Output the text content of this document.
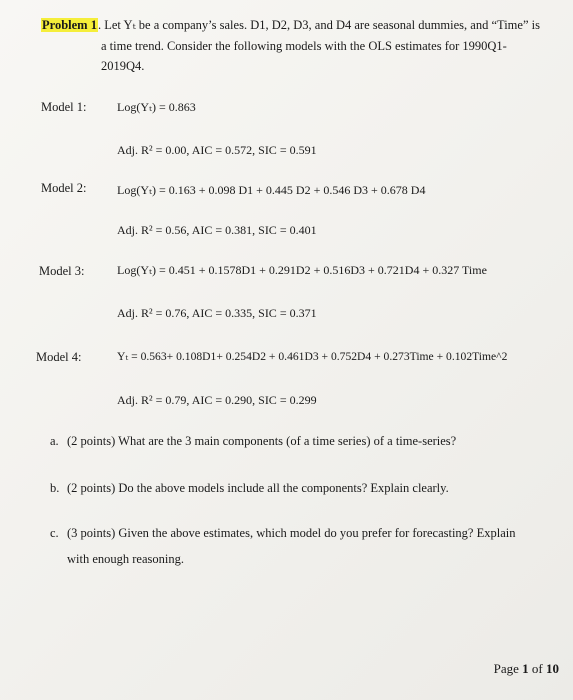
Problem 1. Let Yₜ be a company’s sales. D1, D2, D3, and D4 are seasonal dummies, and “Time” is
a time trend. Consider the following models with the OLS estimates for 1990Q1-
2019Q4.
Model 1:	Log(Yₜ) = 0.863
Adj. R² = 0.00, AIC = 0.572, SIC = 0.591
Model 2:	Log(Yₜ) = 0.163 + 0.098 D1 + 0.445 D2 + 0.546 D3 + 0.678 D4
Adj. R² = 0.56, AIC = 0.381, SIC = 0.401
Model 3:	Log(Yₜ) = 0.451 + 0.1578D1 + 0.291D2 + 0.516D3 + 0.721D4 + 0.327 Time
Adj. R² = 0.76, AIC = 0.335, SIC = 0.371
Model 4:	Yₜ = 0.563+ 0.108D1+ 0.254D2 + 0.461D3 + 0.752D4 + 0.273Time + 0.102Time^2
Adj. R² = 0.79, AIC = 0.290, SIC = 0.299
a. (2 points) What are the 3 main components (of a time series) of a time-series?
b. (2 points) Do the above models include all the components? Explain clearly.
c. (3 points) Given the above estimates, which model do you prefer for forecasting? Explain
with enough reasoning.
Page 1 of 10
